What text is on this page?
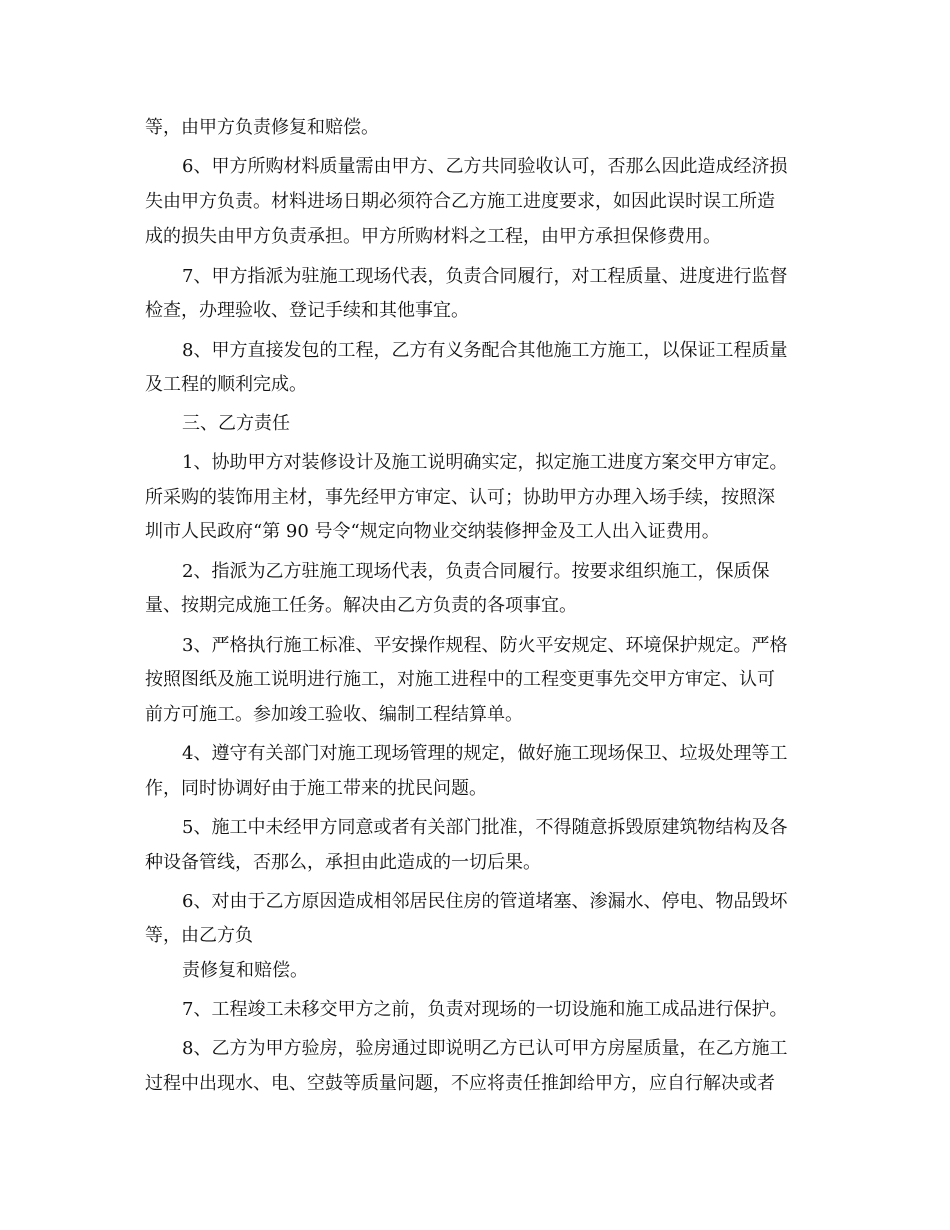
等，由甲方负责修复和赔偿。
6、甲方所购材料质量需由甲方、乙方共同验收认可，否那么因此造成经济损
失由甲方负责。材料进场日期必须符合乙方施工进度要求，如因此误时误工所造
成的损失由甲方负责承担。甲方所购材料之工程，由甲方承担保修费用。
7、甲方指派为驻施工现场代表，负责合同履行，对工程质量、进度进行监督
检查，办理验收、登记手续和其他事宜。
8、甲方直接发包的工程，乙方有义务配合其他施工方施工，以保证工程质量
及工程的顺利完成。
三、乙方责任
1、协助甲方对装修设计及施工说明确实定，拟定施工进度方案交甲方审定。
所采购的装饰用主材，事先经甲方审定、认可；协助甲方办理入场手续，按照深
圳市人民政府“第 90 号令“规定向物业交纳装修押金及工人出入证费用。
2、指派为乙方驻施工现场代表，负责合同履行。按要求组织施工，保质保
量、按期完成施工任务。解决由乙方负责的各项事宜。
3、严格执行施工标准、平安操作规程、防火平安规定、环境保护规定。严格
按照图纸及施工说明进行施工，对施工进程中的工程变更事先交甲方审定、认可
前方可施工。参加竣工验收、编制工程结算单。
4、遵守有关部门对施工现场管理的规定，做好施工现场保卫、垃圾处理等工
作，同时协调好由于施工带来的扰民问题。
5、施工中未经甲方同意或者有关部门批准，不得随意拆毁原建筑物结构及各
种设备管线，否那么，承担由此造成的一切后果。
6、对由于乙方原因造成相邻居民住房的管道堵塞、渗漏水、停电、物品毁坏
等，由乙方负
责修复和赔偿。
7、工程竣工未移交甲方之前，负责对现场的一切设施和施工成品进行保护。
8、乙方为甲方验房，验房通过即说明乙方已认可甲方房屋质量，在乙方施工
过程中出现水、电、空鼓等质量问题，不应将责任推卸给甲方，应自行解决或者
